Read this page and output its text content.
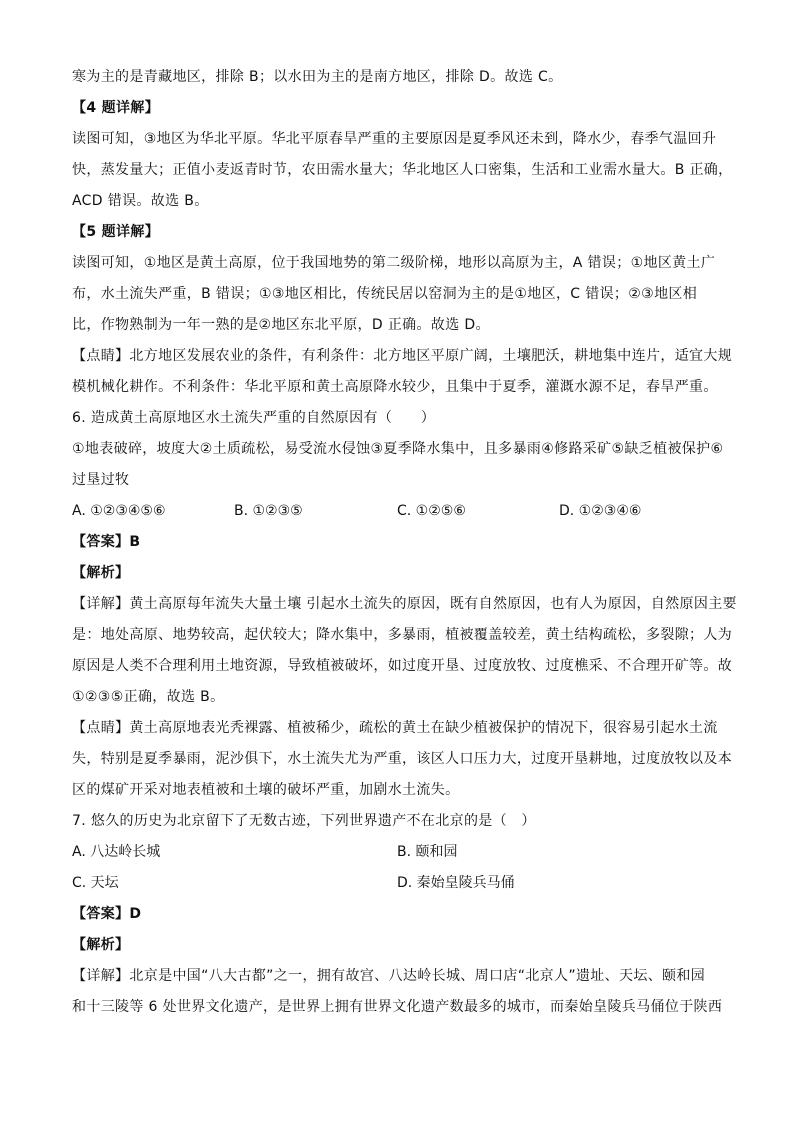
寒为主的是青藏地区，排除 B；以水田为主的是南方地区，排除 D。故选 C。
【4 题详解】
读图可知，③地区为华北平原。华北平原春旱严重的主要原因是夏季风还未到，降水少，春季气温回升
快，蒸发量大；正值小麦返青时节，农田需水量大；华北地区人口密集，生活和工业需水量大。B 正确，
ACD 错误。故选 B。
【5 题详解】
读图可知，①地区是黄土高原，位于我国地势的第二级阶梯，地形以高原为主，A 错误；①地区黄土广
布，水土流失严重，B 错误；①③地区相比，传统民居以窑洞为主的是①地区，C 错误；②③地区相
比，作物熟制为一年一熟的是②地区东北平原，D 正确。故选 D。
【点睛】北方地区发展农业的条件，有利条件：北方地区平原广阔，土壤肥沃，耕地集中连片，适宜大规
模机械化耕作。不利条件：华北平原和黄土高原降水较少，且集中于夏季，灌溉水源不足，春旱严重。
6. 造成黄土高原地区水土流失严重的自然原因有（　　）
①地表破碎，坡度大②土质疏松，易受流水侵蚀③夏季降水集中，且多暴雨④修路采矿⑤缺乏植被保护⑥
过垦过牧
A. ①②③④⑤⑥	B. ①②③⑤	C. ①②⑤⑥	D. ①②③④⑥
【答案】B
【解析】
【详解】黄土高原每年流失大量土壤 引起水土流失的原因，既有自然原因，也有人为原因，自然原因主要
是：地处高原、地势较高，起伏较大；降水集中，多暴雨，植被覆盖较差，黄土结构疏松，多裂隙；人为
原因是人类不合理利用土地资源，导致植被破坏，如过度开垦、过度放牧、过度樵采、不合理开矿等。故
①②③⑤正确，故选 B。
【点睛】黄土高原地表光秃裸露、植被稀少，疏松的黄土在缺少植被保护的情况下，很容易引起水土流
失，特别是夏季暴雨，泥沙俱下，水土流失尤为严重，该区人口压力大，过度开垦耕地，过度放牧以及本
区的煤矿开采对地表植被和土壤的破坏严重，加剧水土流失。
7. 悠久的历史为北京留下了无数古迹，下列世界遗产不在北京的是（　）
A. 八达岭长城	B. 颐和园
C. 天坛	D. 秦始皇陵兵马俑
【答案】D
【解析】
【详解】北京是中国“八大古都”之一，拥有故宫、八达岭长城、周口店“北京人”遗址、天坛、颐和园
和十三陵等 6 处世界文化遗产，是世界上拥有世界文化遗产数最多的城市，而秦始皇陵兵马俑位于陕西
